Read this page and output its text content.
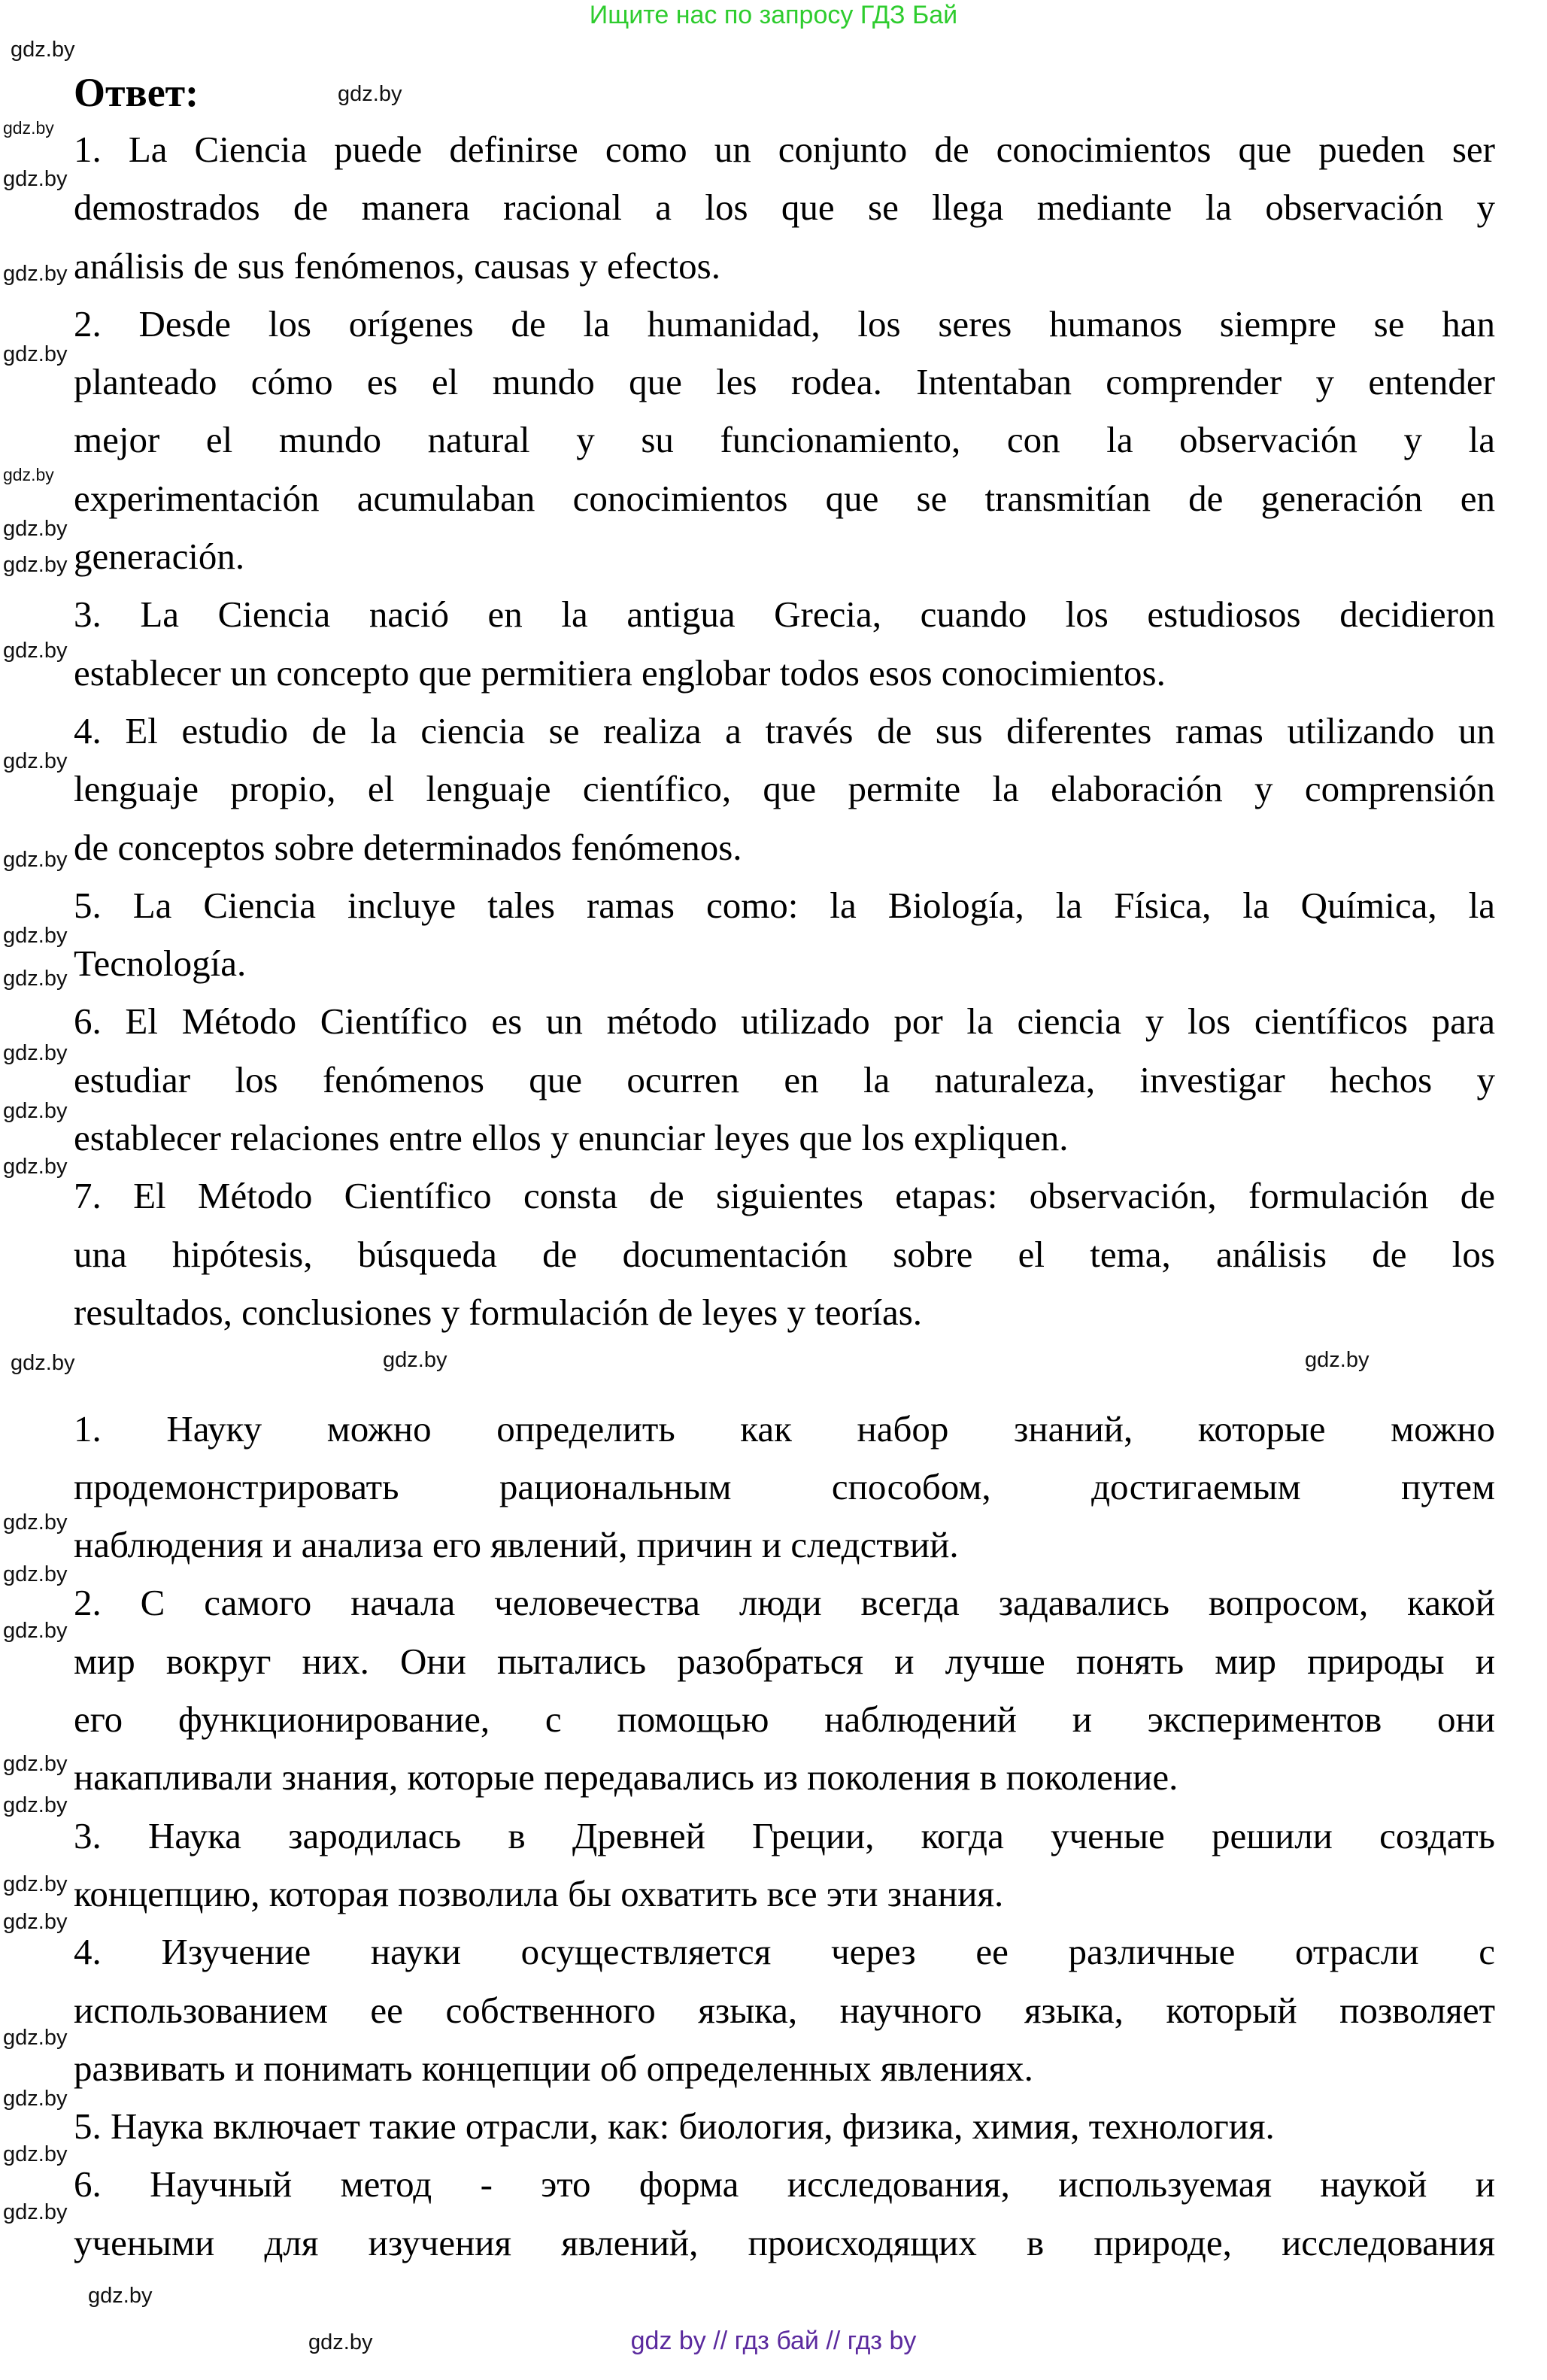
Ищите нас по запросу ГДЗ Бай
Ответ:
1. La Ciencia puede definirse como un conjunto de conocimientos que pueden ser
demostrados de manera racional a los que se llega mediante la observación y
análisis de sus fenómenos, causas y efectos.
2. Desde los orígenes de la humanidad, los seres humanos siempre se han
planteado cómo es el mundo que les rodea. Intentaban comprender y entender
mejor el mundo natural y su funcionamiento, con la observación y la
experimentación acumulaban conocimientos que se transmitían de generación en
generación.
3. La Ciencia nació en la antigua Grecia, cuando los estudiosos decidieron
establecer un concepto que permitiera englobar todos esos conocimientos.
4. El estudio de la ciencia se realiza a través de sus diferentes ramas utilizando un
lenguaje propio, el lenguaje científico, que permite la elaboración y comprensión
de conceptos sobre determinados fenómenos.
5. La Ciencia incluye tales ramas como: la Biología, la Física, la Química, la
Tecnología.
6. El Método Científico es un método utilizado por la ciencia y los científicos para
estudiar los fenómenos que ocurren en la naturaleza, investigar hechos y
establecer relaciones entre ellos y enunciar leyes que los expliquen.
7. El Método Científico consta de siguientes etapas: observación, formulación de
una hipótesis, búsqueda de documentación sobre el tema, análisis de los
resultados, conclusiones y formulación de leyes y teorías.
1. Науку можно определить как набор знаний, которые можно
продемонстрировать рациональным способом, достигаемым путем
наблюдения и анализа его явлений, причин и следствий.
2. С самого начала человечества люди всегда задавались вопросом, какой
мир вокруг них. Они пытались разобраться и лучше понять мир природы и
его функционирование, с помощью наблюдений и экспериментов они
накапливали знания, которые передавались из поколения в поколение.
3. Наука зародилась в Древней Греции, когда ученые решили создать
концепцию, которая позволила бы охватить все эти знания.
4. Изучение науки осуществляется через ее различные отрасли с
использованием ее собственного языка, научного языка, который позволяет
развивать и понимать концепции об определенных явлениях.
5. Наука включает такие отрасли, как: биология, физика, химия, технология.
6. Научный метод - это форма исследования, используемая наукой и
учеными для изучения явлений, происходящих в природе, исследования
gdz.by
gdz.by
gdz.by
gdz.by
gdz.by
gdz.by
gdz.by
gdz.by
gdz.by
gdz.by
gdz.by
gdz.by
gdz.by
gdz.by
gdz.by
gdz.by
gdz.by
gdz.by
gdz.by	gdz.by
gdz.by
gdz.by
gdz.by
gdz.by
gdz.by
gdz.by
gdz.by
gdz.by
gdz.by
gdz.by
gdz.by
gdz.by
gdz.by	gdz by // гдз бай // гдз by
